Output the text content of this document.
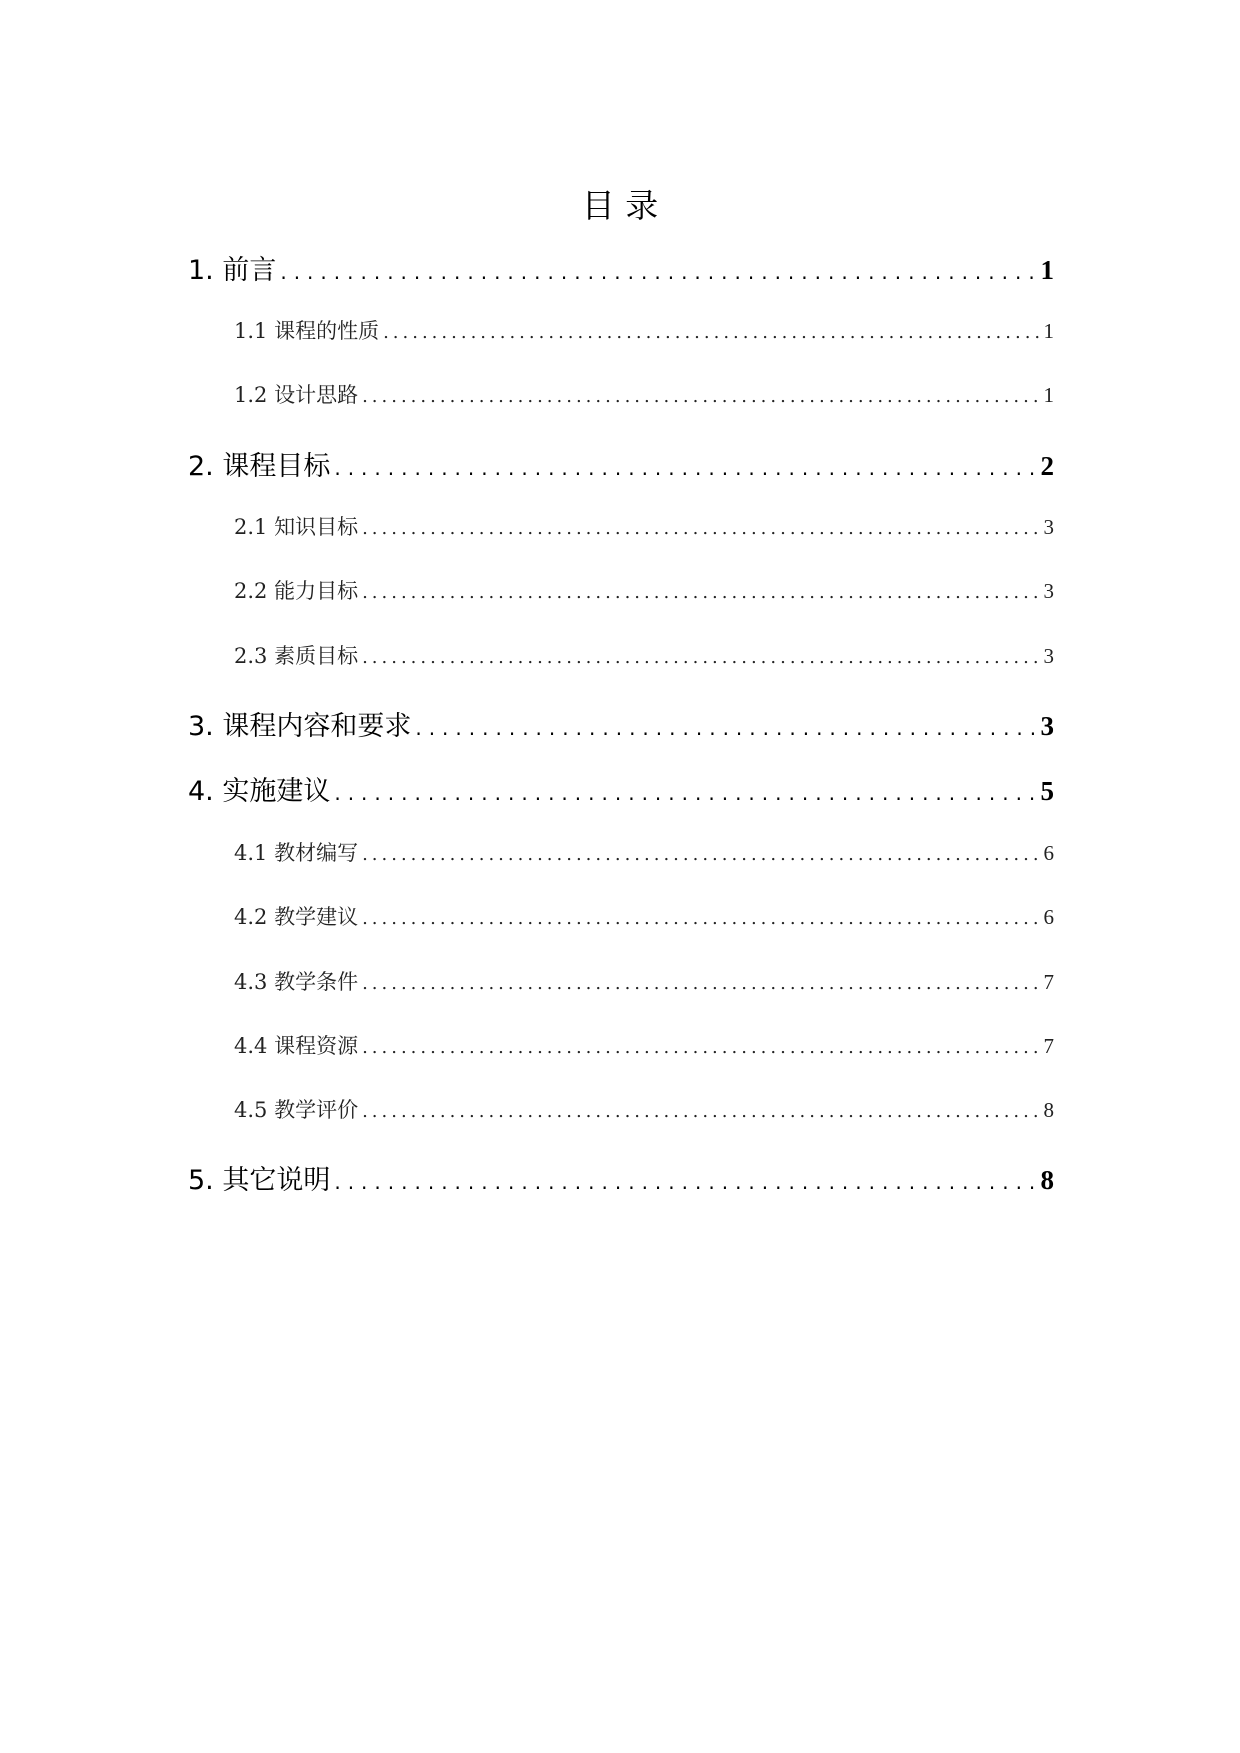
目 录
1. 前言 .....	1
1.1 课程的性质 .....	1
1.2 设计思路 .....	1
2. 课程目标 .....	2
2.1 知识目标 .....	3
2.2 能力目标 .....	3
2.3 素质目标 .....	3
3. 课程内容和要求 .....	3
4. 实施建议 .....	5
4.1 教材编写 .....	6
4.2 教学建议 .....	6
4.3 教学条件 .....	7
4.4 课程资源 .....	7
4.5 教学评价 .....	8
5. 其它说明 .....	8
